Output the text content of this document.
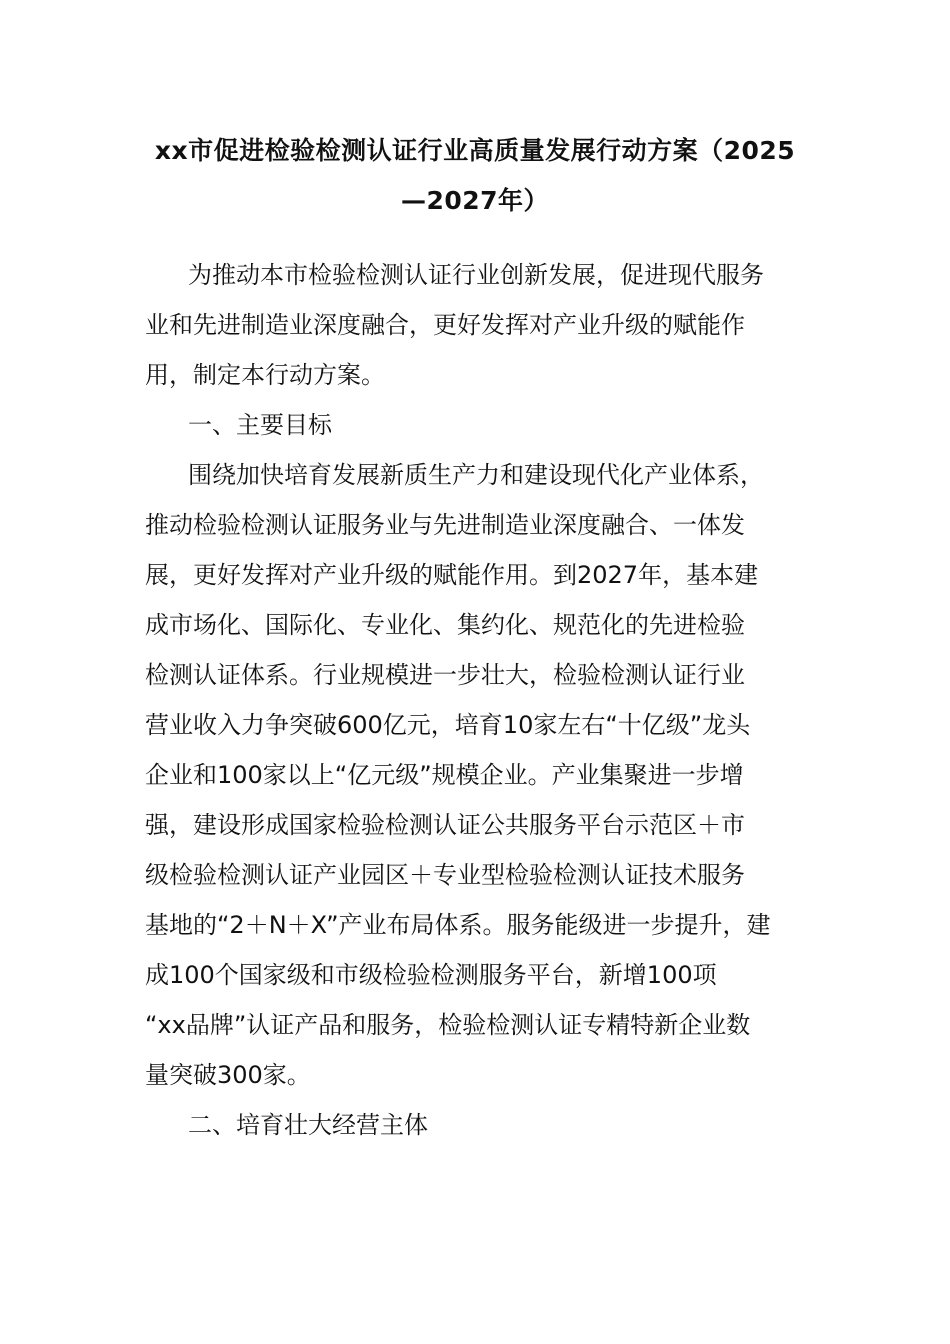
xx市促进检验检测认证行业高质量发展行动方案（2025
—2027年）
为推动本市检验检测认证行业创新发展，促进现代服务
业和先进制造业深度融合，更好发挥对产业升级的赋能作
用，制定本行动方案。
一、主要目标
围绕加快培育发展新质生产力和建设现代化产业体系，
推动检验检测认证服务业与先进制造业深度融合、一体发
展，更好发挥对产业升级的赋能作用。到2027年，基本建
成市场化、国际化、专业化、集约化、规范化的先进检验
检测认证体系。行业规模进一步壮大，检验检测认证行业
营业收入力争突破600亿元，培育10家左右“十亿级”龙头
企业和100家以上“亿元级”规模企业。产业集聚进一步增
强，建设形成国家检验检测认证公共服务平台示范区＋市
级检验检测认证产业园区＋专业型检验检测认证技术服务
基地的“2＋N＋X”产业布局体系。服务能级进一步提升，建
成100个国家级和市级检验检测服务平台，新增100项
“xx品牌”认证产品和服务，检验检测认证专精特新企业数
量突破300家。
二、培育壮大经营主体
